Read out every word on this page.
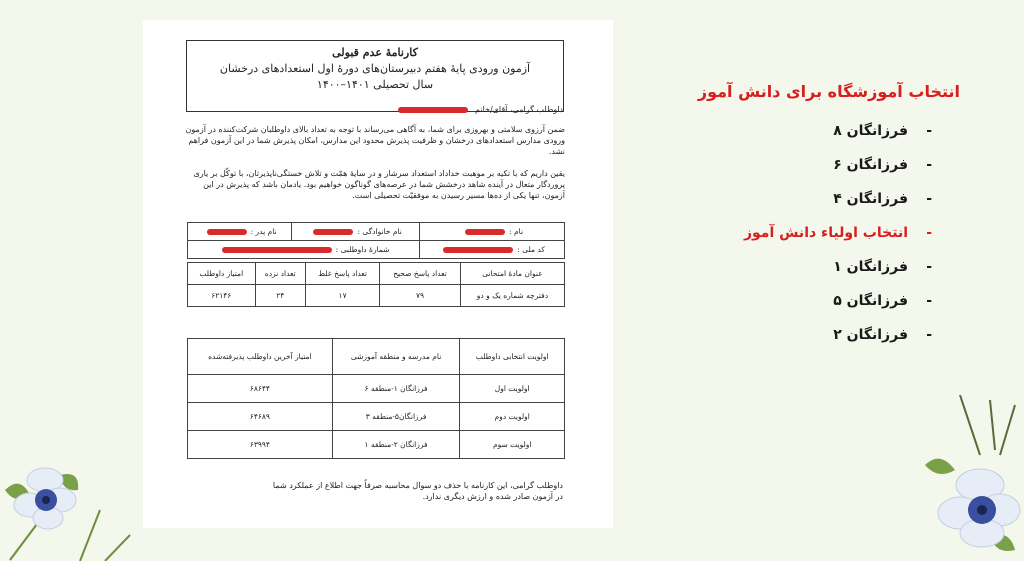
کارنامهٔ عدم قبولی
آزمون ورودی پایهٔ هفتم دبیرستان‌های دورهٔ اول استعدادهای درخشان
سال تحصیلی ۱۴۰۱–۱۴۰۰
داوطلب گرامی، آقای/خانم
ضمن آرزوی سلامتی و بهروزی برای شما، به آگاهی می‌رساند با توجه به تعداد بالای داوطلبان شرکت‌کننده در آزمون ورودی مدارس استعدادهای درخشان و ظرفیت پذیرش محدود این مدارس، امکان پذیرش شما در این آزمون فراهم نشد.
یقین داریم که با تکیه بر موهبت خداداد استعداد سرشار و در سایهٔ همّت و تلاش خستگی‌ناپذیرتان، با توکّل بر یاری پروردگار متعال در آینده شاهد درخشش شما در عرصه‌های گوناگون خواهیم بود. یادمان باشد که پذیرش در این آزمون، تنها یکی از ده‌ها مسیر رسیدن به موفقیّت تحصیلی است.
نام :	نام خانوادگی :	نام پدر :
کد ملی :	شمارهٔ داوطلبی :	
عنوان مادهٔ امتحانی	تعداد پاسخ صحیح	تعداد پاسخ غلط	تعداد نزده	امتیاز داوطلب
دفترچه شماره یک و دو	۷۹	۱۷	۲۴	۶۲۱۴۶
اولویت انتخابی داوطلب	نام مدرسه و منطقه آموزشی	امتیاز آخرین داوطلب پذیرفته‌شده
اولویت اول	فرزانگان ۱-منطقه ۶	۶۸۶۴۴
اولویت دوم	فرزانگان۵-منطقه ۳	۶۴۶۸۹
اولویت سوم	فرزانگان ۲-منطقه ۱	۶۳۹۹۴
داوطلب گرامی، این کارنامه با حذف دو سوال محاسبه صرفاً جهت اطلاع از عملکرد شما در آزمون صادر شده و ارزش دیگری ندارد.
انتخاب آموزشگاه برای دانش آموز
-فرزانگان ۸
-فرزانگان ۶
-فرزانگان ۴
-انتخاب اولیاء دانش آموز
-فرزانگان ۱
-فرزانگان ۵
-فرزانگان ۲
